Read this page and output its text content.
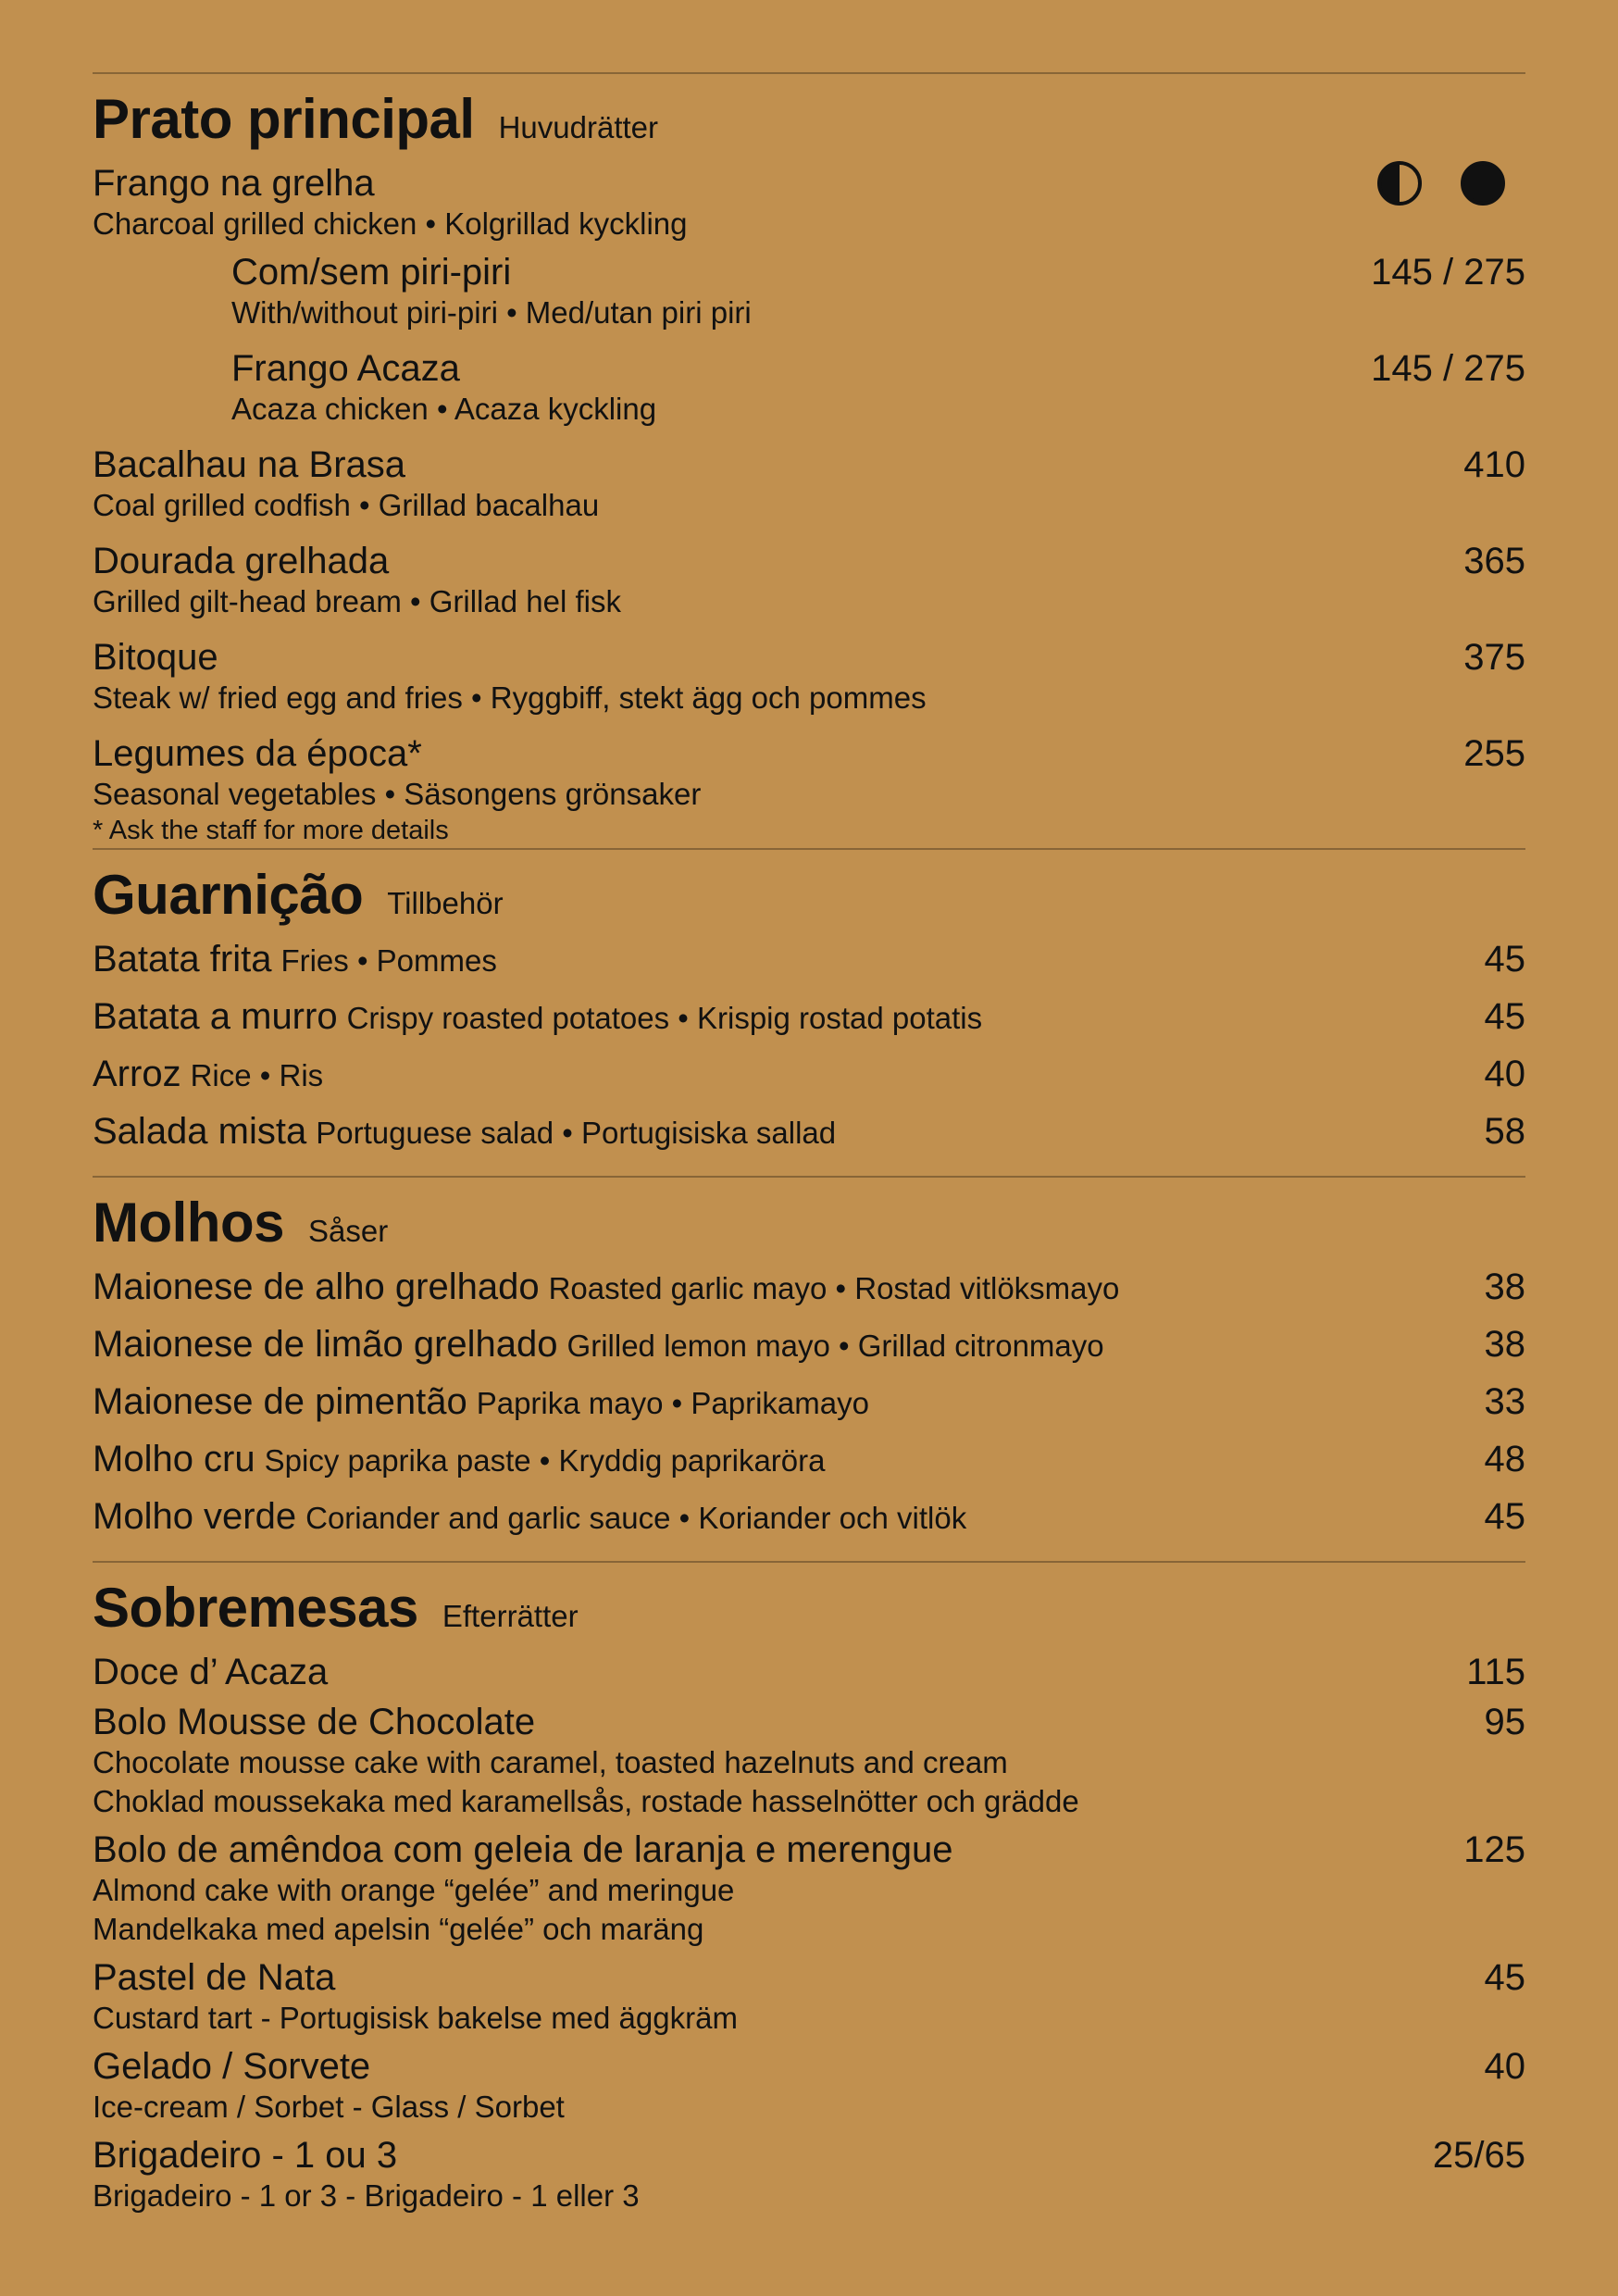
Prato principal Huvudrätter
Frango na grelha
Charcoal grilled chicken • Kolgrillad kyckling
Com/sem piri-piri	145 / 275
With/without piri-piri • Med/utan piri piri
Frango Acaza	145 / 275
Acaza chicken • Acaza kyckling
Bacalhau na Brasa	410
Coal grilled codfish • Grillad bacalhau
Dourada grelhada	365
Grilled gilt-head bream • Grillad hel fisk
Bitoque	375
Steak w/ fried egg and fries • Ryggbiff, stekt ägg och pommes
Legumes da época*	255
Seasonal vegetables • Säsongens grönsaker
* Ask the staff for more details
Guarnição Tillbehör
Batata frita Fries • Pommes	45
Batata a murro Crispy roasted potatoes • Krispig rostad potatis	45
Arroz Rice • Ris	40
Salada mista Portuguese salad • Portugisiska sallad	58
Molhos Såser
Maionese de alho grelhado Roasted garlic mayo • Rostad vitlöksmayo	38
Maionese de limão grelhado Grilled lemon mayo • Grillad citronmayo	38
Maionese de pimentão Paprika mayo • Paprikamayo	33
Molho cru Spicy paprika paste • Kryddig paprikaröra	48
Molho verde Coriander and garlic sauce • Koriander och vitlök	45
Sobremesas Efterrätter
Doce d’ Acaza	115
Bolo Mousse de Chocolate	95
Chocolate mousse cake with caramel, toasted hazelnuts and cream
Choklad moussekaka med karamellsås, rostade hasselnötter och grädde
Bolo de amêndoa com geleia de laranja e merengue	125
Almond cake with orange “gelée” and meringue
Mandelkaka med apelsin “gelée” och maräng
Pastel de Nata	45
Custard tart - Portugisisk bakelse med äggkräm
Gelado / Sorvete	40
Ice-cream / Sorbet - Glass / Sorbet
Brigadeiro - 1 ou 3	25/65
Brigadeiro - 1 or 3 - Brigadeiro - 1 eller 3
